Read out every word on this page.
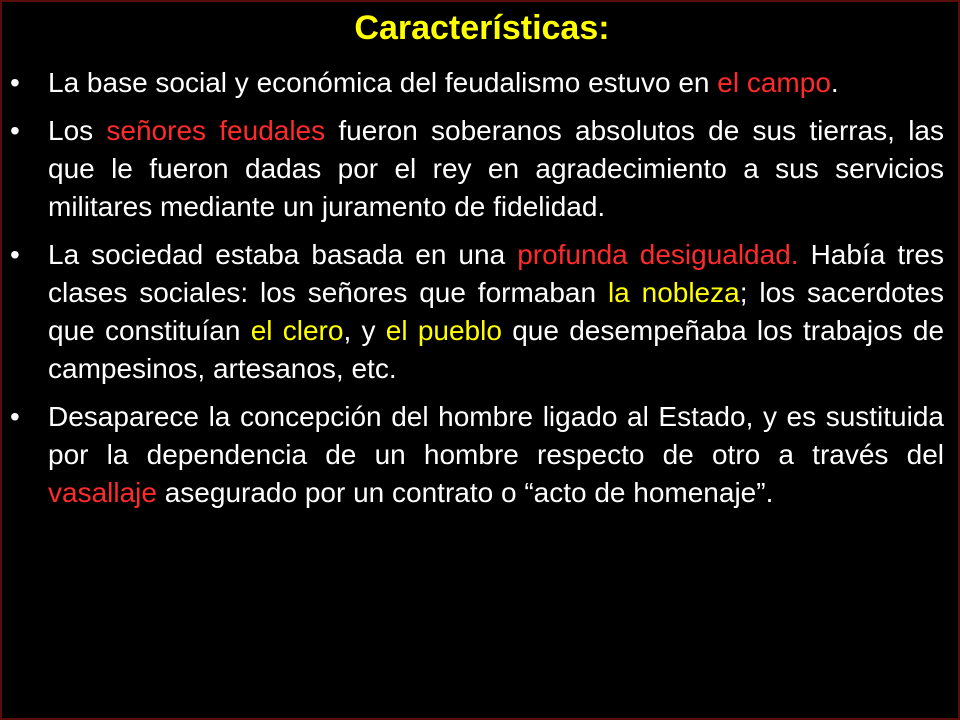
Características:
• La base social y económica del feudalismo estuvo en el campo.
• Los señores feudales fueron soberanos absolutos de sus tierras, las que le fueron dadas por el rey en agradecimiento a sus servicios militares mediante un juramento de fidelidad.
• La sociedad estaba basada en una profunda desigualdad. Había tres clases sociales: los señores que formaban la nobleza; los sacerdotes que constituían el clero, y el pueblo que desempeñaba los trabajos de campesinos, artesanos, etc.
• Desaparece la concepción del hombre ligado al Estado, y es sustituida por la dependencia de un hombre respecto de otro a través del vasallaje asegurado por un contrato o “acto de homenaje”.
